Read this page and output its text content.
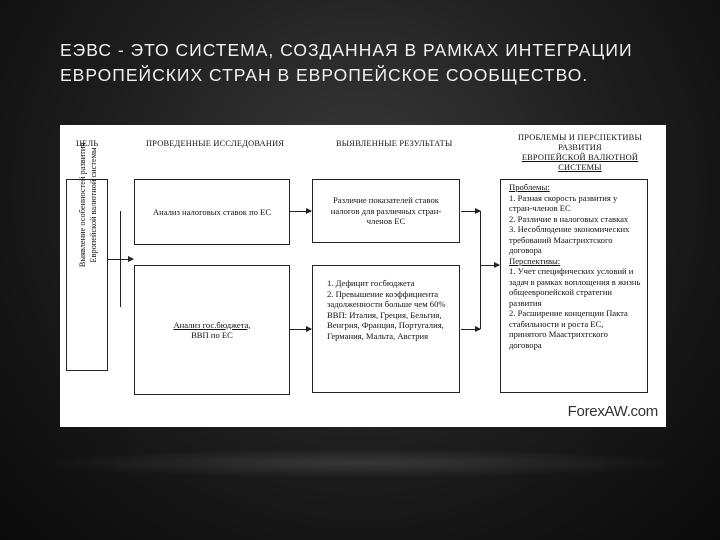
ЕЭВС - ЭТО СИСТЕМА, СОЗДАННАЯ В РАМКАХ ИНТЕГРАЦИИ ЕВРОПЕЙСКИХ СТРАН В ЕВРОПЕЙСКОЕ СООБЩЕСТВО.
ЦЕЛЬ	ПРОВЕДЕННЫЕ ИССЛЕДОВАНИЯ	ВЫЯВЛЕННЫЕ РЕЗУЛЬТАТЫ
ПРОБЛЕМЫ И ПЕРСПЕКТИВЫ РАЗВИТИЯ
ЕВРОПЕЙСКОЙ ВАЛЮТНОЙ СИСТЕМЫ
Выявление особенностей развития Европейской валютной системы	Анализ налоговых ставок по ЕС
Анализ гос.бюджета,
ВВП по ЕС
Различие показателей ставок налогов для различных стран-членов ЕС
1. Дефицит госбюджета
2. Превышение коэффициента задолженности больше чем 60% ВВП: Италия, Греция, Бельгия, Венгрия, Франция, Португалия, Германия, Мальта, Австрия
Проблемы:
1. Разная скорость развития у стран-членов ЕС
2. Различие в налоговых ставках
3. Несоблюдение экономических требований Маастрихтского договора
Перспективы:
1. Учет специфических условий и задач в рамках воплощения в жизнь общеевропейской стратегии развития
2. Расширение концепции Пакта стабильности и роста ЕС, принятого Маастрихтского договора
ForexAW.com
